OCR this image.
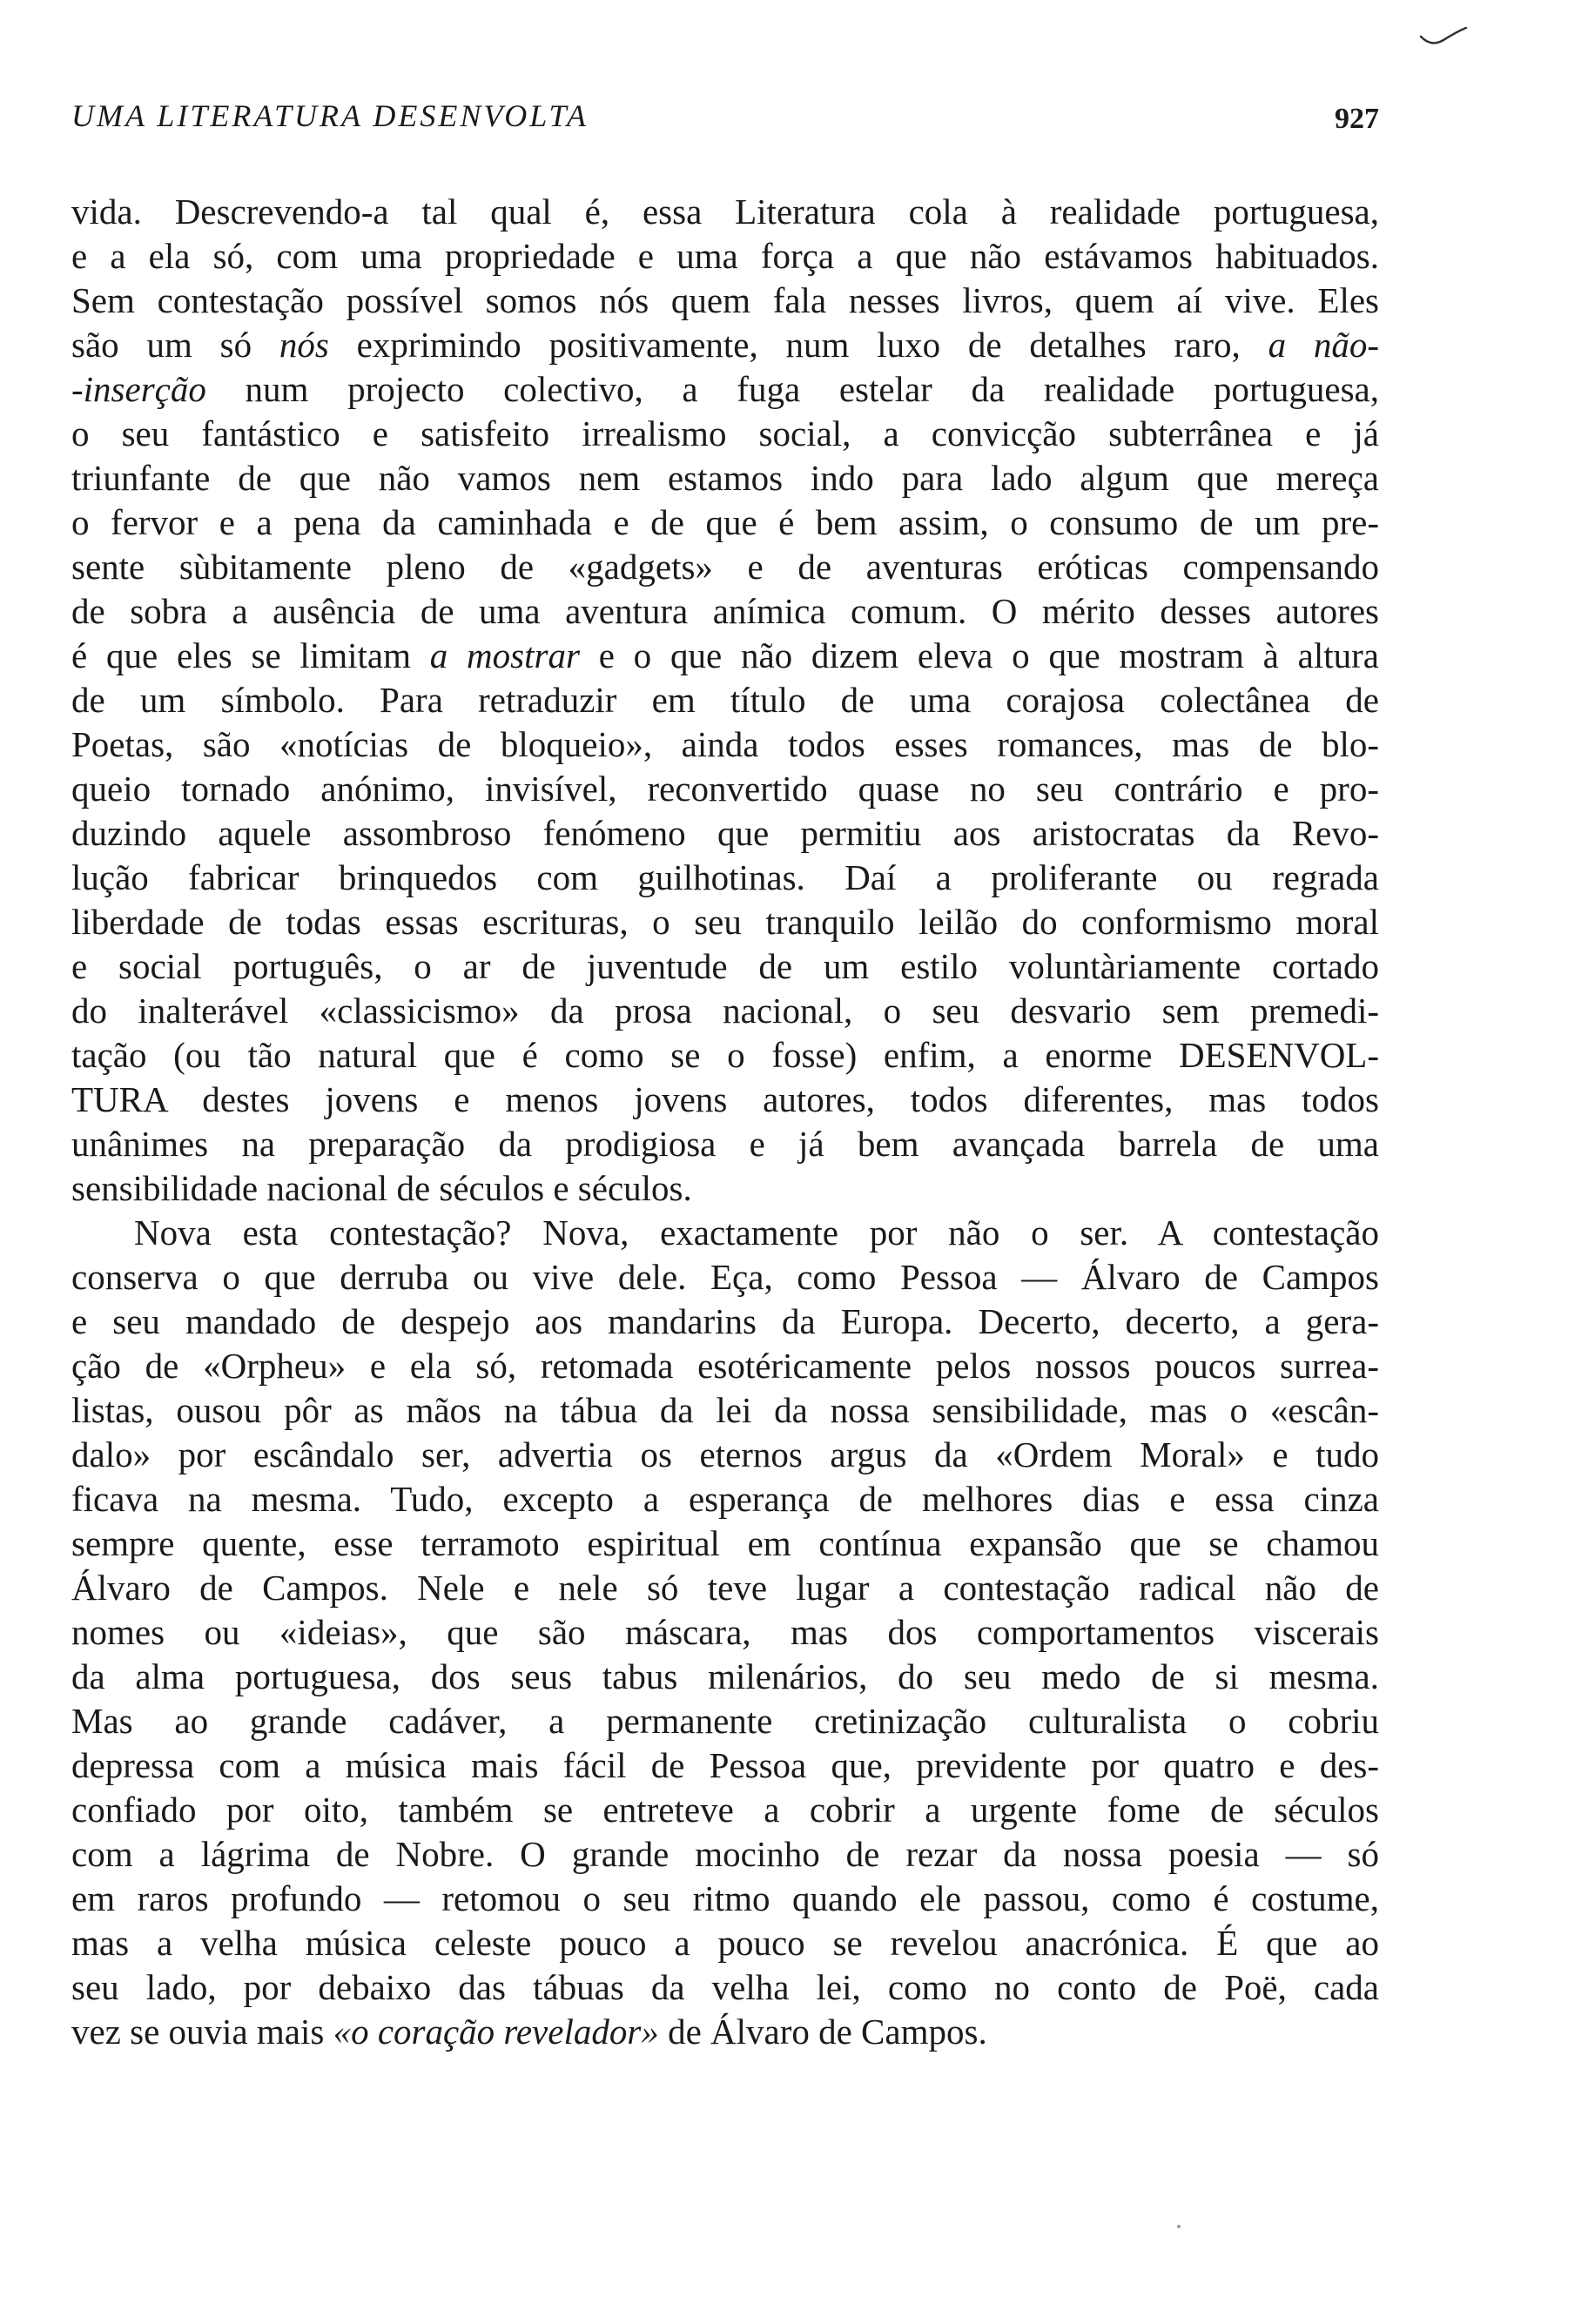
UMA LITERATURA DESENVOLTA	927
vida. Descrevendo-a tal qual é, essa Literatura cola à realidade portuguesa,
e a ela só, com uma propriedade e uma força a que não estávamos habituados.
Sem contestação possível somos nós quem fala nesses livros, quem aí vive. Eles
são um só nós exprimindo positivamente, num luxo de detalhes raro, a não-
-inserção num projecto colectivo, a fuga estelar da realidade portuguesa,
o seu fantástico e satisfeito irrealismo social, a convicção subterrânea e já
triunfante de que não vamos nem estamos indo para lado algum que mereça
o fervor e a pena da caminhada e de que é bem assim, o consumo de um pre-
sente sùbitamente pleno de «gadgets» e de aventuras eróticas compensando
de sobra a ausência de uma aventura anímica comum. O mérito desses autores
é que eles se limitam a mostrar e o que não dizem eleva o que mostram à altura
de um símbolo. Para retraduzir em título de uma corajosa colectânea de
Poetas, são «notícias de bloqueio», ainda todos esses romances, mas de blo-
queio tornado anónimo, invisível, reconvertido quase no seu contrário e pro-
duzindo aquele assombroso fenómeno que permitiu aos aristocratas da Revo-
lução fabricar brinquedos com guilhotinas. Daí a proliferante ou regrada
liberdade de todas essas escrituras, o seu tranquilo leilão do conformismo moral
e social português, o ar de juventude de um estilo voluntàriamente cortado
do inalterável «classicismo» da prosa nacional, o seu desvario sem premedi-
tação (ou tão natural que é como se o fosse) enfim, a enorme DESENVOL-
TURA destes jovens e menos jovens autores, todos diferentes, mas todos
unânimes na preparação da prodigiosa e já bem avançada barrela de uma
sensibilidade nacional de séculos e séculos.
Nova esta contestação? Nova, exactamente por não o ser. A contestação
conserva o que derruba ou vive dele. Eça, como Pessoa — Álvaro de Campos
e seu mandado de despejo aos mandarins da Europa. Decerto, decerto, a gera-
ção de «Orpheu» e ela só, retomada esotéricamente pelos nossos poucos surrea-
listas, ousou pôr as mãos na tábua da lei da nossa sensibilidade, mas o «escân-
dalo» por escândalo ser, advertia os eternos argus da «Ordem Moral» e tudo
ficava na mesma. Tudo, excepto a esperança de melhores dias e essa cinza
sempre quente, esse terramoto espiritual em contínua expansão que se chamou
Álvaro de Campos. Nele e nele só teve lugar a contestação radical não de
nomes ou «ideias», que são máscara, mas dos comportamentos viscerais
da alma portuguesa, dos seus tabus milenários, do seu medo de si mesma.
Mas ao grande cadáver, a permanente cretinização culturalista o cobriu
depressa com a música mais fácil de Pessoa que, previdente por quatro e des-
confiado por oito, também se entreteve a cobrir a urgente fome de séculos
com a lágrima de Nobre. O grande mocinho de rezar da nossa poesia — só
em raros profundo — retomou o seu ritmo quando ele passou, como é costume,
mas a velha música celeste pouco a pouco se revelou anacrónica. É que ao
seu lado, por debaixo das tábuas da velha lei, como no conto de Poë, cada
vez se ouvia mais «o coração revelador» de Álvaro de Campos.
